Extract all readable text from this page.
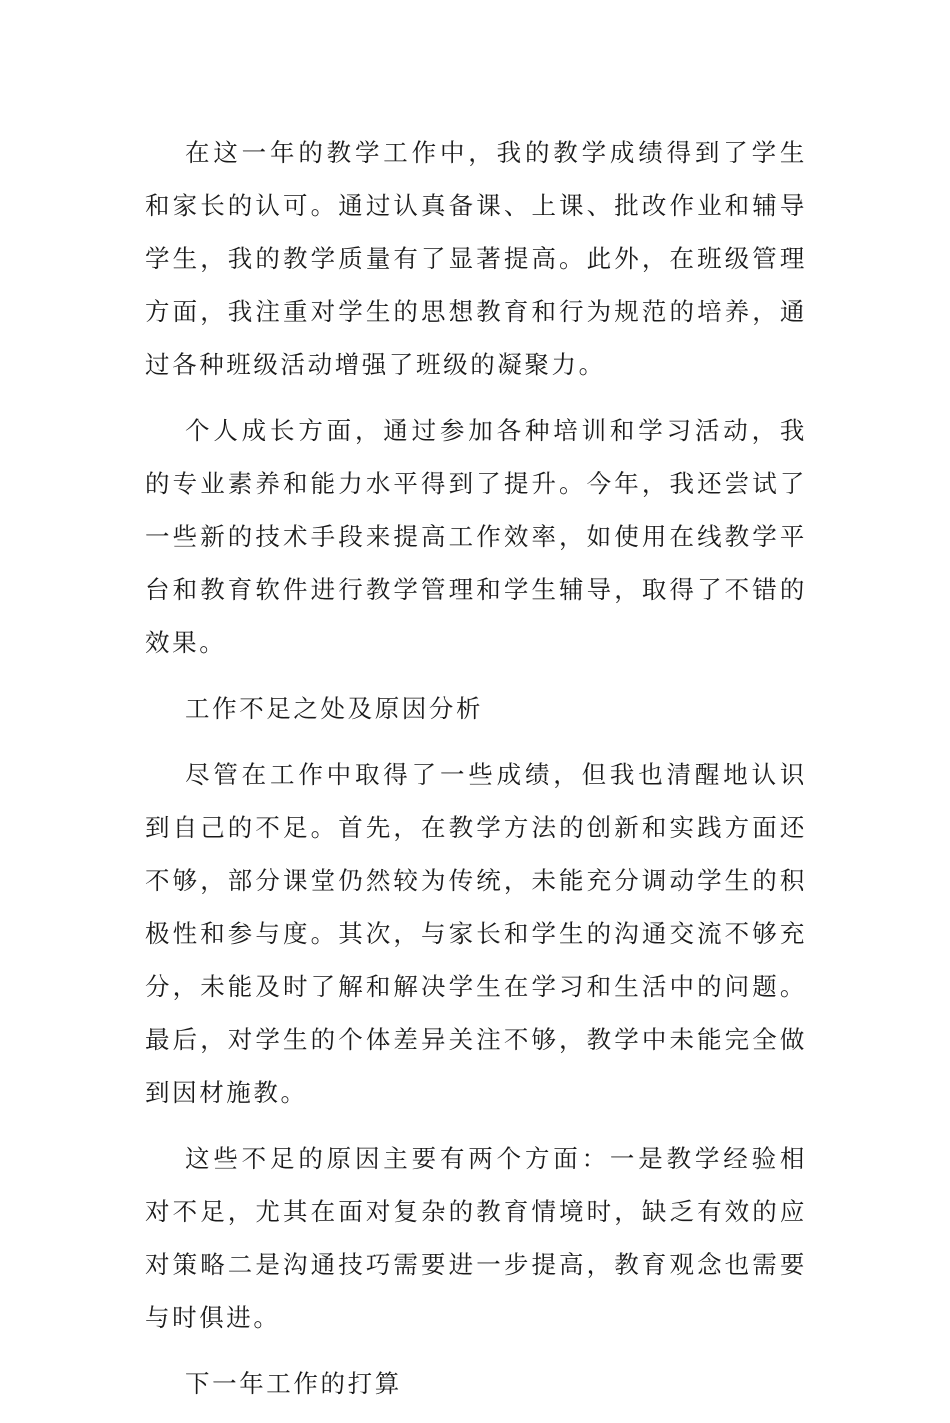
在这一年的教学工作中，我的教学成绩得到了学生和家长的认可。通过认真备课、上课、批改作业和辅导学生，我的教学质量有了显著提高。此外，在班级管理方面，我注重对学生的思想教育和行为规范的培养，通过各种班级活动增强了班级的凝聚力。

个人成长方面，通过参加各种培训和学习活动，我的专业素养和能力水平得到了提升。今年，我还尝试了一些新的技术手段来提高工作效率，如使用在线教学平台和教育软件进行教学管理和学生辅导，取得了不错的效果。

工作不足之处及原因分析

尽管在工作中取得了一些成绩，但我也清醒地认识到自己的不足。首先，在教学方法的创新和实践方面还不够，部分课堂仍然较为传统，未能充分调动学生的积极性和参与度。其次，与家长和学生的沟通交流不够充分，未能及时了解和解决学生在学习和生活中的问题。最后，对学生的个体差异关注不够，教学中未能完全做到因材施教。

这些不足的原因主要有两个方面：一是教学经验相对不足，尤其在面对复杂的教育情境时，缺乏有效的应对策略二是沟通技巧需要进一步提高，教育观念也需要与时俱进。

下一年工作的打算
